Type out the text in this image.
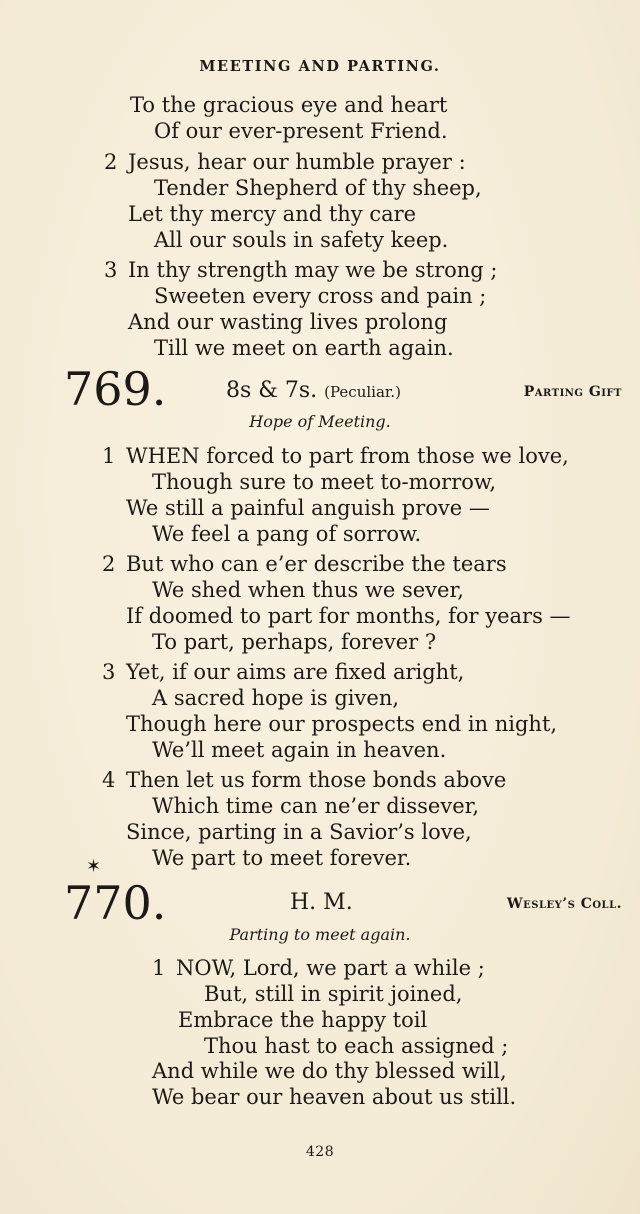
MEETING AND PARTING.
To the gracious eye and heart
Of our ever-present Friend.
2 Jesus, hear our humble prayer :
Tender Shepherd of thy sheep,
Let thy mercy and thy care
All our souls in safety keep.
3 In thy strength may we be strong ;
Sweeten every cross and pain ;
And our wasting lives prolong
Till we meet on earth again.
769.	8s & 7s. (Peculiar.)	Parting Gift
Hope of Meeting.
1 WHEN forced to part from those we love,
Though sure to meet to-morrow,
We still a painful anguish prove —
We feel a pang of sorrow.
2 But who can e’er describe the tears
We shed when thus we sever,
If doomed to part for months, for years —
To part, perhaps, forever ?
3 Yet, if our aims are fixed aright,
A sacred hope is given,
Though here our prospects end in night,
We’ll meet again in heaven.
4 Then let us form those bonds above
Which time can ne’er dissever,
Since, parting in a Savior’s love,
We part to meet forever.
✶
770.	H. M.	Wesley’s Coll.
Parting to meet again.
1 NOW, Lord, we part a while ;
But, still in spirit joined,
Embrace the happy toil
Thou hast to each assigned ;
And while we do thy blessed will,
We bear our heaven about us still.
428
